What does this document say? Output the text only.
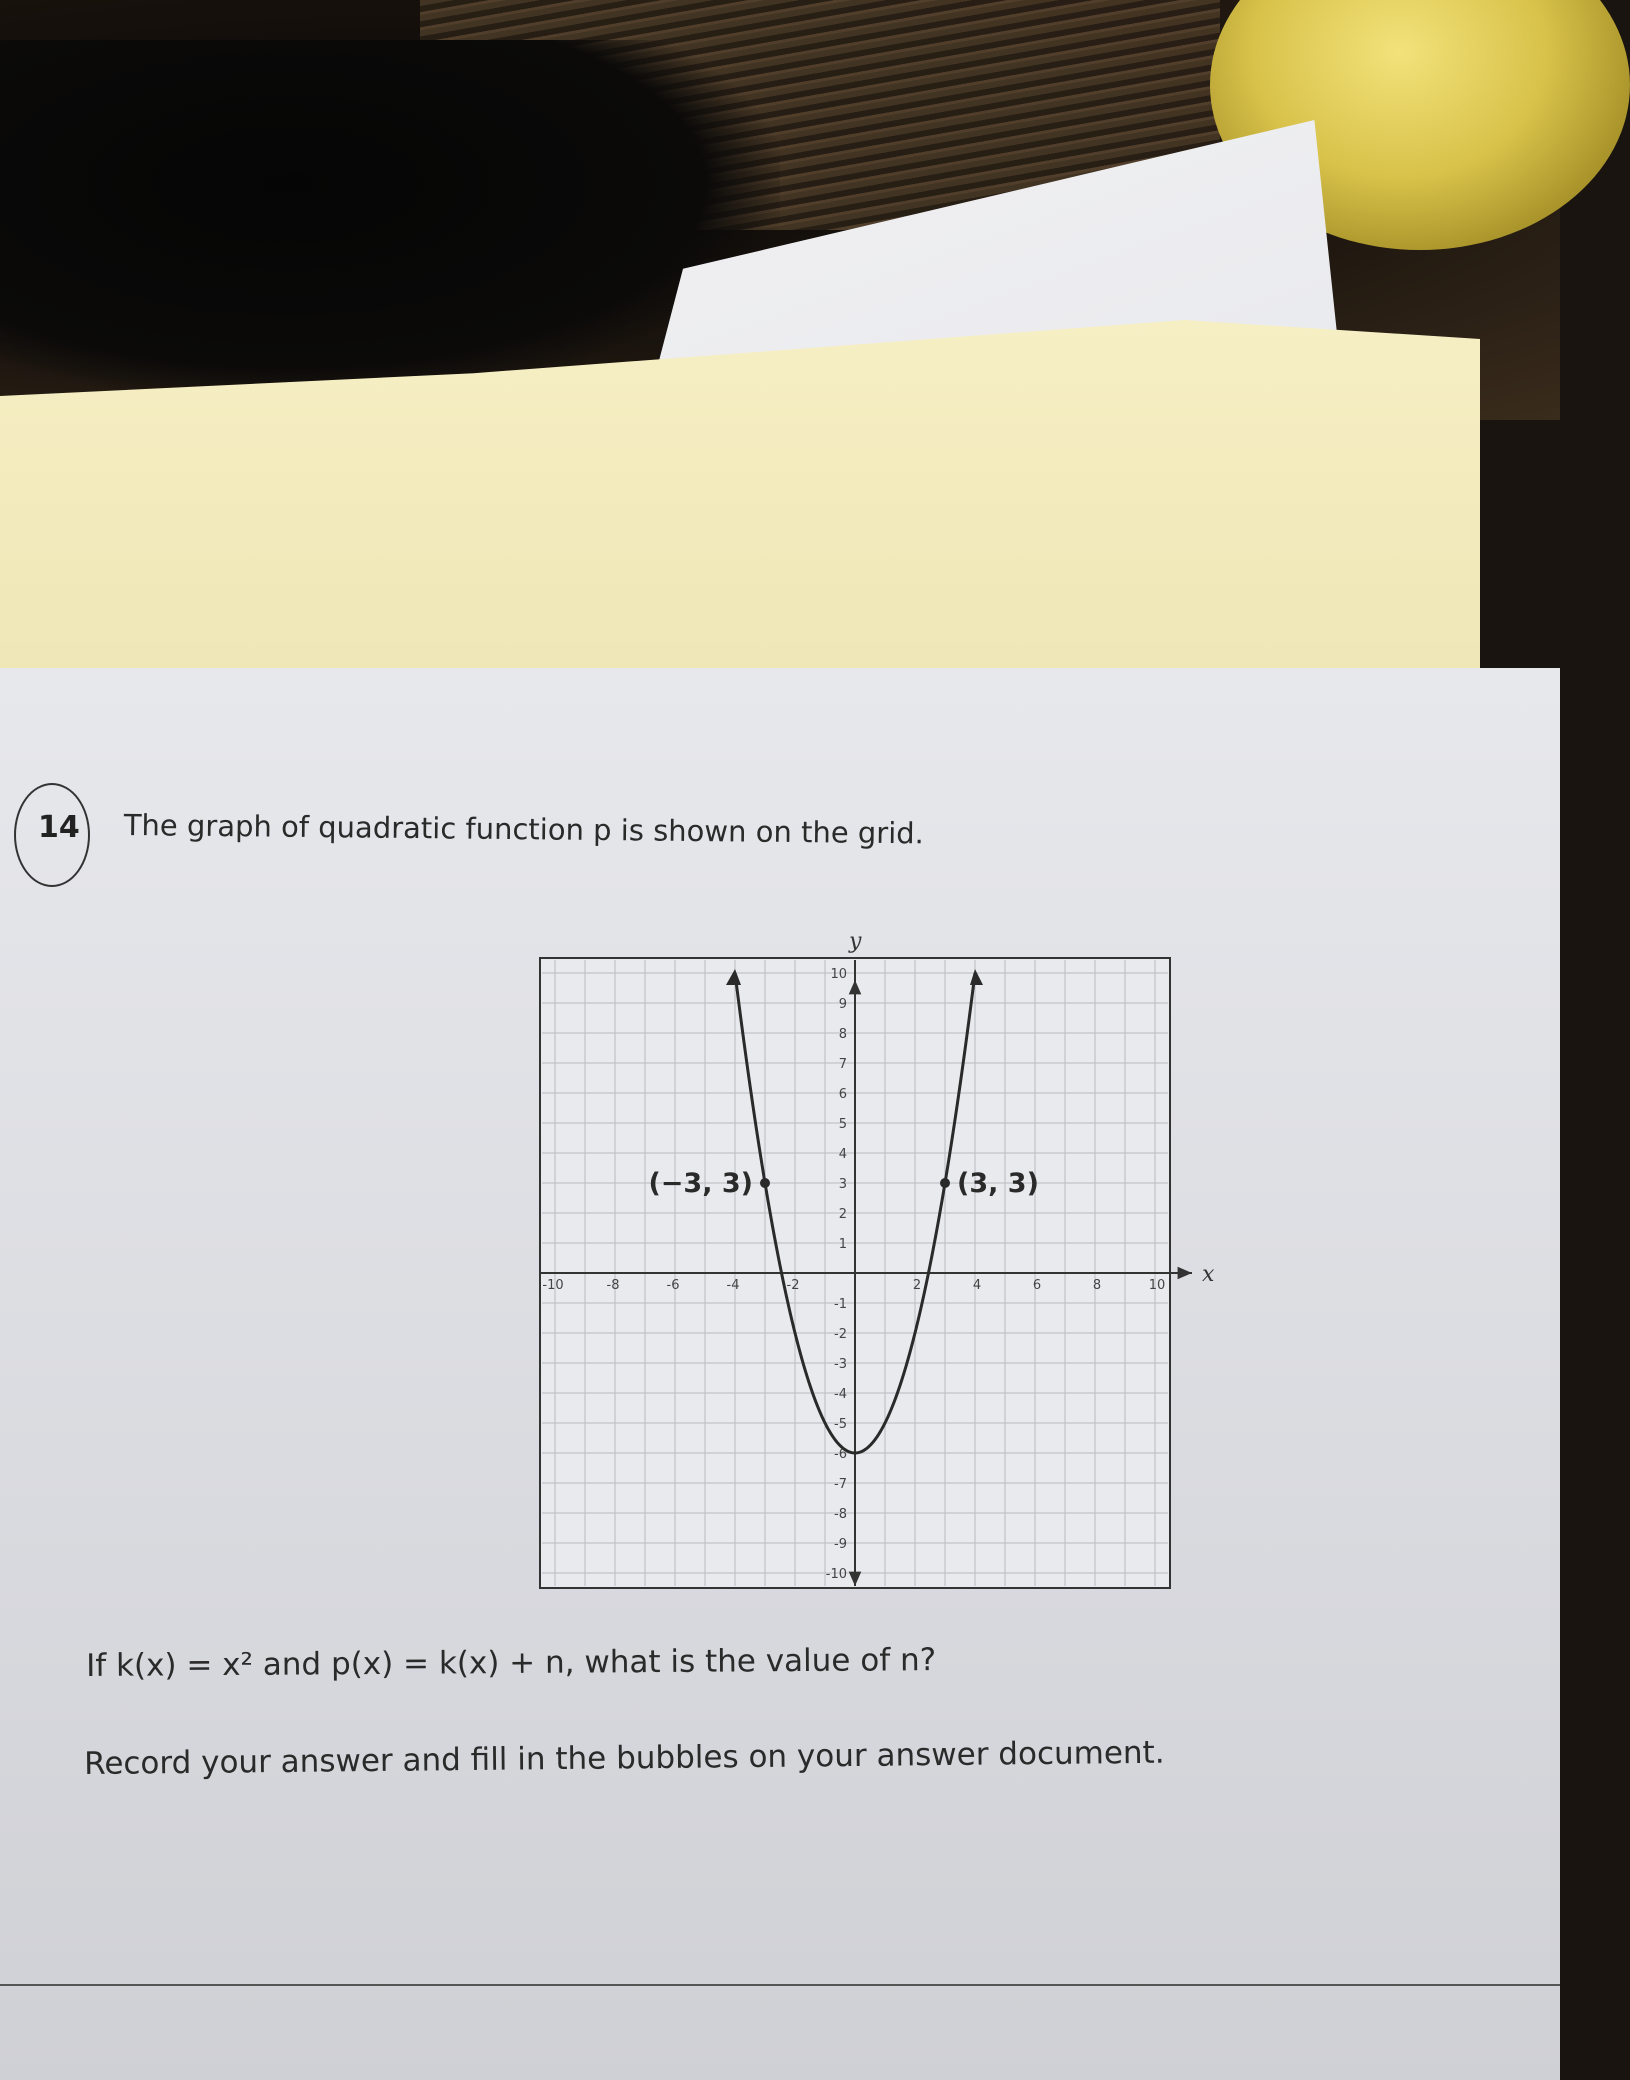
14 The graph of quadratic function p is shown on the grid.
x
y
-10	-8	-6	-4	-2	2	4	6	8	10
-10
-9
-8
-7
-6
-5
-4
-3
-2
-1
1
2
3
4
5
6
7
8
9
10
(−3, 3)	(3, 3)
If k(x) = x² and p(x) = k(x) + n, what is the value of n?
Record your answer and fill in the bubbles on your answer document.
